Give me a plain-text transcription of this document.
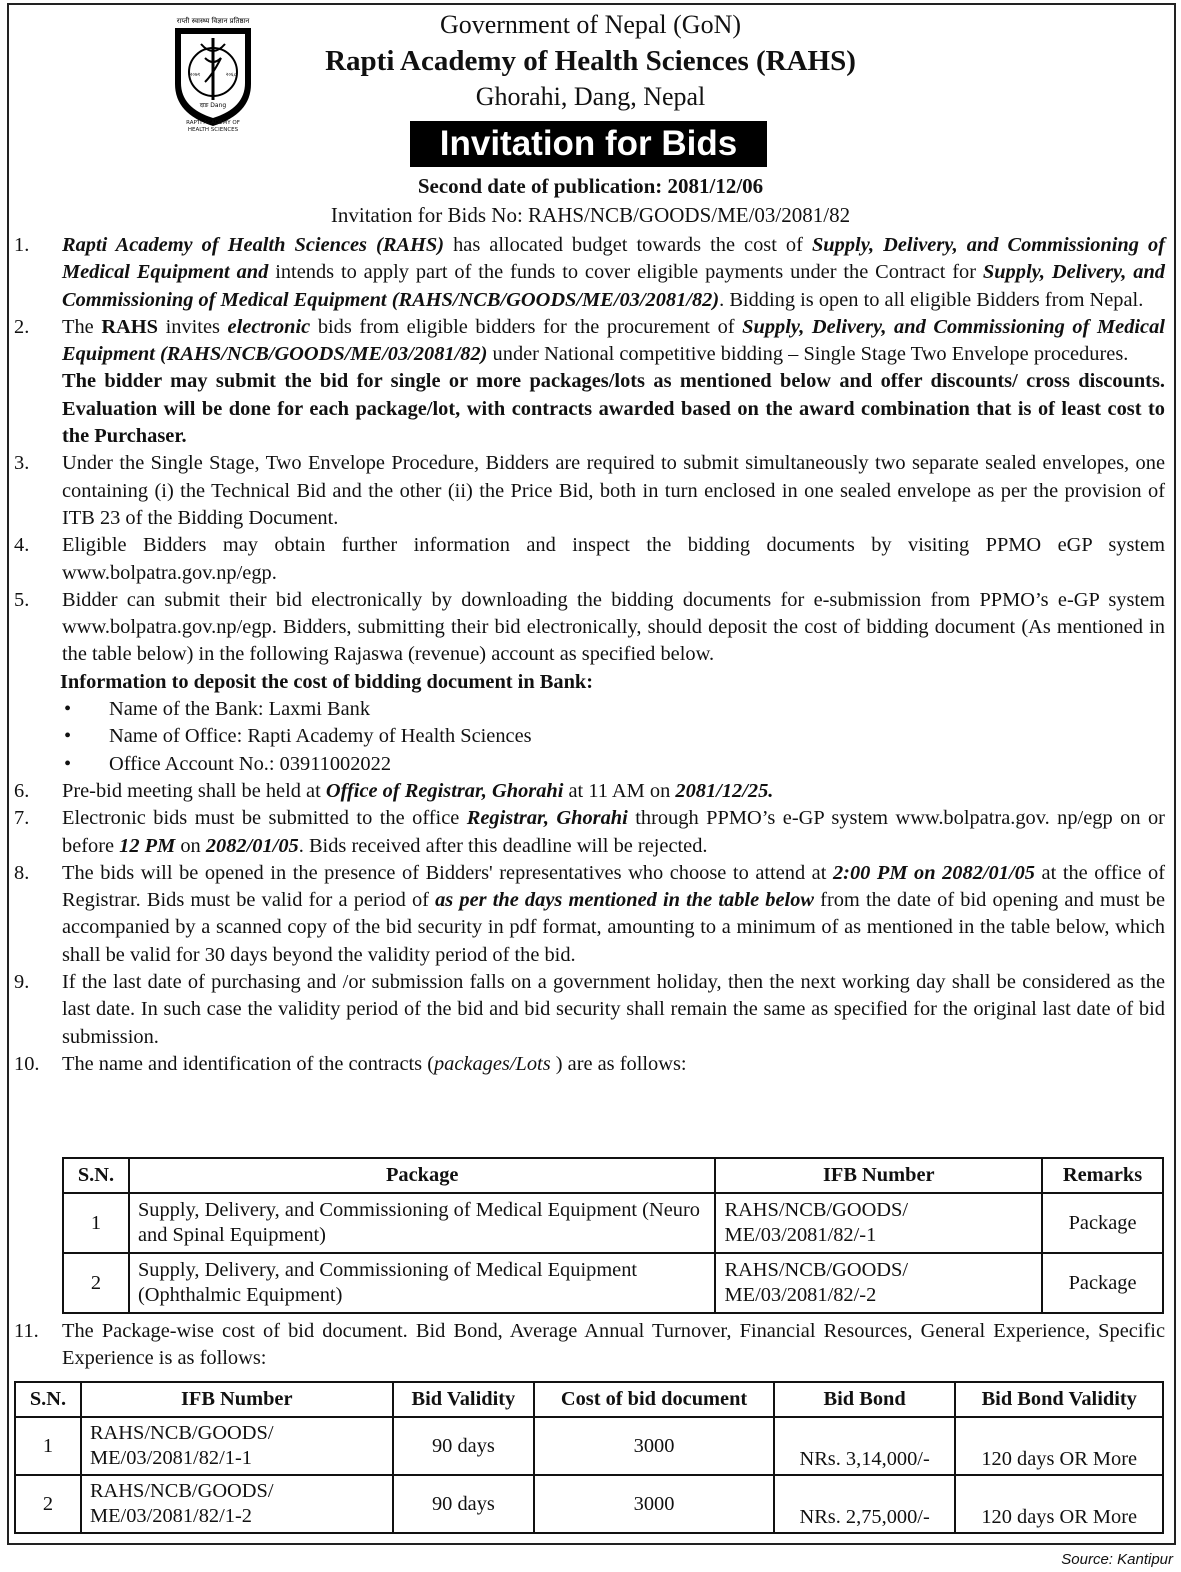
राप्ती स्वास्थ्य विज्ञान प्रतिष्ठान
२०७१	२०६८
दाङ Dang
RAPTI ACADEMY OF HEALTH SCIENCES
Government of Nepal (GoN)
Rapti Academy of Health Sciences (RAHS)
Ghorahi, Dang, Nepal
Invitation for Bids
Second date of publication: 2081/12/06
Invitation for Bids No: RAHS/NCB/GOODS/ME/03/2081/82
1. Rapti Academy of Health Sciences (RAHS) has allocated budget towards the cost of Supply, Delivery, and Commissioning of Medical Equipment and intends to apply part of the funds to cover eligible payments under the Contract for Supply, Delivery, and Commissioning of Medical Equipment (RAHS/NCB/GOODS/ME/03/2081/82). Bidding is open to all eligible Bidders from Nepal.
2. The RAHS invites electronic bids from eligible bidders for the procurement of Supply, Delivery, and Commissioning of Medical Equipment (RAHS/NCB/GOODS/ME/03/2081/82) under National competitive bidding – Single Stage Two Envelope procedures.
The bidder may submit the bid for single or more packages/lots as mentioned below and offer discounts/ cross discounts. Evaluation will be done for each package/lot, with contracts awarded based on the award combination that is of least cost to the Purchaser.
3. Under the Single Stage, Two Envelope Procedure, Bidders are required to submit simultaneously two separate sealed envelopes, one containing (i) the Technical Bid and the other (ii) the Price Bid, both in turn enclosed in one sealed envelope as per the provision of ITB 23 of the Bidding Document.
4. Eligible Bidders may obtain further information and inspect the bidding documents by visiting PPMO eGP system www.bolpatra.gov.np/egp.
5. Bidder can submit their bid electronically by downloading the bidding documents for e-submission from PPMO’s e-GP system www.bolpatra.gov.np/egp. Bidders, submitting their bid electronically, should deposit the cost of bidding document (As mentioned in the table below) in the following Rajaswa (revenue) account as specified below.
Information to deposit the cost of bidding document in Bank:
• Name of the Bank: Laxmi Bank
• Name of Office: Rapti Academy of Health Sciences
• Office Account No.: 03911002022
6. Pre-bid meeting shall be held at Office of Registrar, Ghorahi at 11 AM on 2081/12/25.
7. Electronic bids must be submitted to the office Registrar, Ghorahi through PPMO’s e-GP system www.bolpatra.gov. np/egp on or before 12 PM on 2082/01/05. Bids received after this deadline will be rejected.
8. The bids will be opened in the presence of Bidders' representatives who choose to attend at 2:00 PM on 2082/01/05 at the office of Registrar. Bids must be valid for a period of as per the days mentioned in the table below from the date of bid opening and must be accompanied by a scanned copy of the bid security in pdf format, amounting to a minimum of as mentioned in the table below, which shall be valid for 30 days beyond the validity period of the bid.
9. If the last date of purchasing and /or submission falls on a government holiday, then the next working day shall be considered as the last date. In such case the validity period of the bid and bid security shall remain the same as specified for the original last date of bid submission.
10. The name and identification of the contracts (packages/Lots ) are as follows:
S.N.	Package	IFB Number	Remarks
1	Supply, Delivery, and Commissioning of Medical Equipment (Neuro and Spinal Equipment)	RAHS/NCB/GOODS/
ME/03/2081/82/-1	Package
2	Supply, Delivery, and Commissioning of Medical Equipment (Ophthalmic Equipment)	RAHS/NCB/GOODS/
ME/03/2081/82/-2	Package
11. The Package-wise cost of bid document. Bid Bond, Average Annual Turnover, Financial Resources, General Experience, Specific Experience is as follows:
S.N.	IFB Number	Bid Validity	Cost of bid document	Bid Bond	Bid Bond Validity
1	RAHS/NCB/GOODS/
ME/03/2081/82/1-1	90 days	3000	NRs. 3,14,000/-	120 days OR More
2	RAHS/NCB/GOODS/
ME/03/2081/82/1-2	90 days	3000	NRs. 2,75,000/-	120 days OR More
Source: Kantipur
